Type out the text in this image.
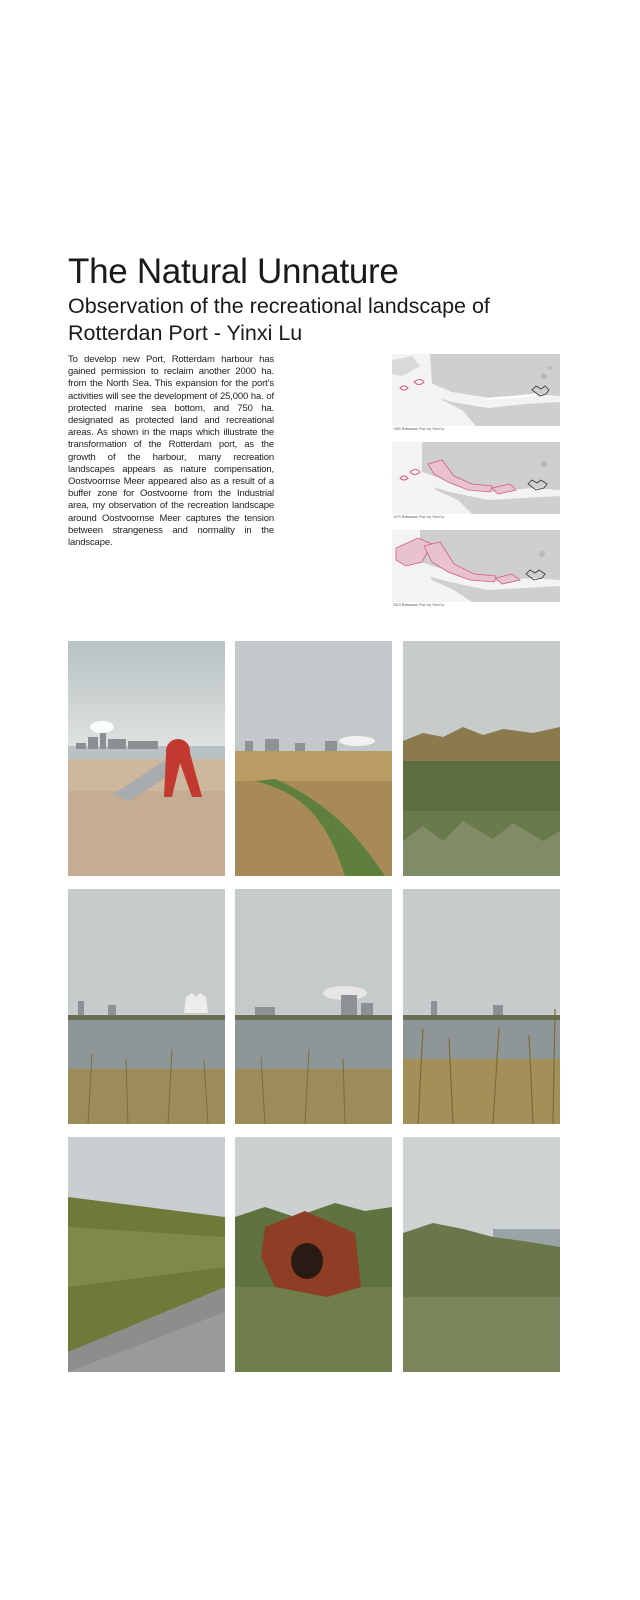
The Natural Unnature
Observation of the recreational landscape of
Rotterdan Port - Yinxi Lu

To develop new Port, Rotterdam harbour has gained permission to reclaim another 2000 ha. from the North Sea. This expansion for the port’s activities will see the development of 25,000 ha. of protected marine sea bottom, and 750 ha. designated as protected land and recreational areas. As shown in the maps which illustrate the transformation of the Rotterdam port, as the growth of the harbour, many recreation landscapes appears as nature compensation, Oostvoornse Meer appeared also as a result of a buffer zone for Oostvoorne from the Industrial area, my observation of the recreation landscape around Oostvoornse Meer captures the tension between strangeness and normality in the landscape.

1950 Rotterdam Port, by Yinxi Lu
1970 Rotterdam Port, by Yinxi Lu
2019 Rotterdam Port, by Yinxi Lu
